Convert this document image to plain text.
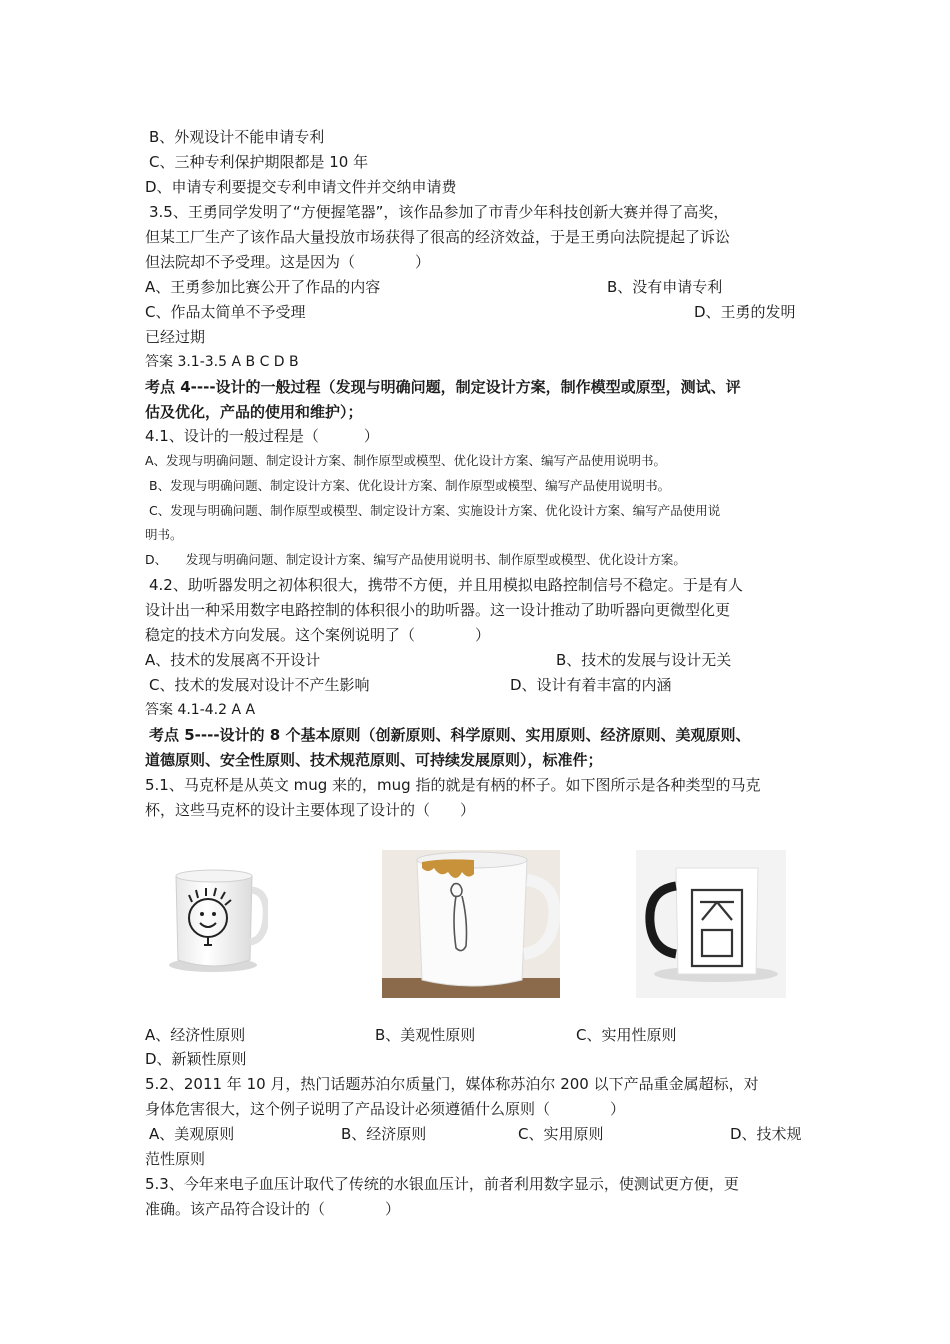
B、外观设计不能申请专利
C、三种专利保护期限都是 10 年
D、申请专利要提交专利申请文件并交纳申请费
3.5、王勇同学发明了“方便握笔器”，该作品参加了市青少年科技创新大赛并得了高奖，
但某工厂生产了该作品大量投放市场获得了很高的经济效益，于是王勇向法院提起了诉讼
但法院却不予受理。这是因为（　　　　）
A、王勇参加比赛公开了作品的内容	B、没有申请专利
C、作品太简单不予受理	D、王勇的发明
已经过期
答案 3.1-3.5 A B C D B
考点 4----设计的一般过程（发现与明确问题，制定设计方案，制作模型或原型，测试、评
估及优化，产品的使用和维护）；
4.1、设计的一般过程是（　　　）
A、发现与明确问题、制定设计方案、制作原型或模型、优化设计方案、编写产品使用说明书。
B、发现与明确问题、制定设计方案、优化设计方案、制作原型或模型、编写产品使用说明书。
C、发现与明确问题、制作原型或模型、制定设计方案、实施设计方案、优化设计方案、编写产品使用说
明书。
D、　　发现与明确问题、制定设计方案、编写产品使用说明书、制作原型或模型、优化设计方案。
4.2、助听器发明之初体积很大，携带不方便，并且用模拟电路控制信号不稳定。于是有人
设计出一种采用数字电路控制的体积很小的助听器。这一设计推动了助听器向更微型化更
稳定的技术方向发展。这个案例说明了（　　　　）
A、技术的发展离不开设计	B、技术的发展与设计无关
C、技术的发展对设计不产生影响	D、设计有着丰富的内涵
答案 4.1-4.2 A A
考点 5----设计的 8 个基本原则（创新原则、科学原则、实用原则、经济原则、美观原则、
道德原则、安全性原则、技术规范原则、可持续发展原则），标准件；
5.1、马克杯是从英文 mug 来的，mug 指的就是有柄的杯子。如下图所示是各种类型的马克
杯，这些马克杯的设计主要体现了设计的（　　）
A、经济性原则	B、美观性原则	C、实用性原则
D、新颖性原则
5.2、2011 年 10 月，热门话题苏泊尔质量门，媒体称苏泊尔 200 以下产品重金属超标，对
身体危害很大，这个例子说明了产品设计必须遵循什么原则（　　　　）
A、美观原则	B、经济原则	C、实用原则	D、技术规
范性原则
5.3、今年来电子血压计取代了传统的水银血压计，前者利用数字显示，使测试更方便，更
准确。该产品符合设计的（　　　　）
